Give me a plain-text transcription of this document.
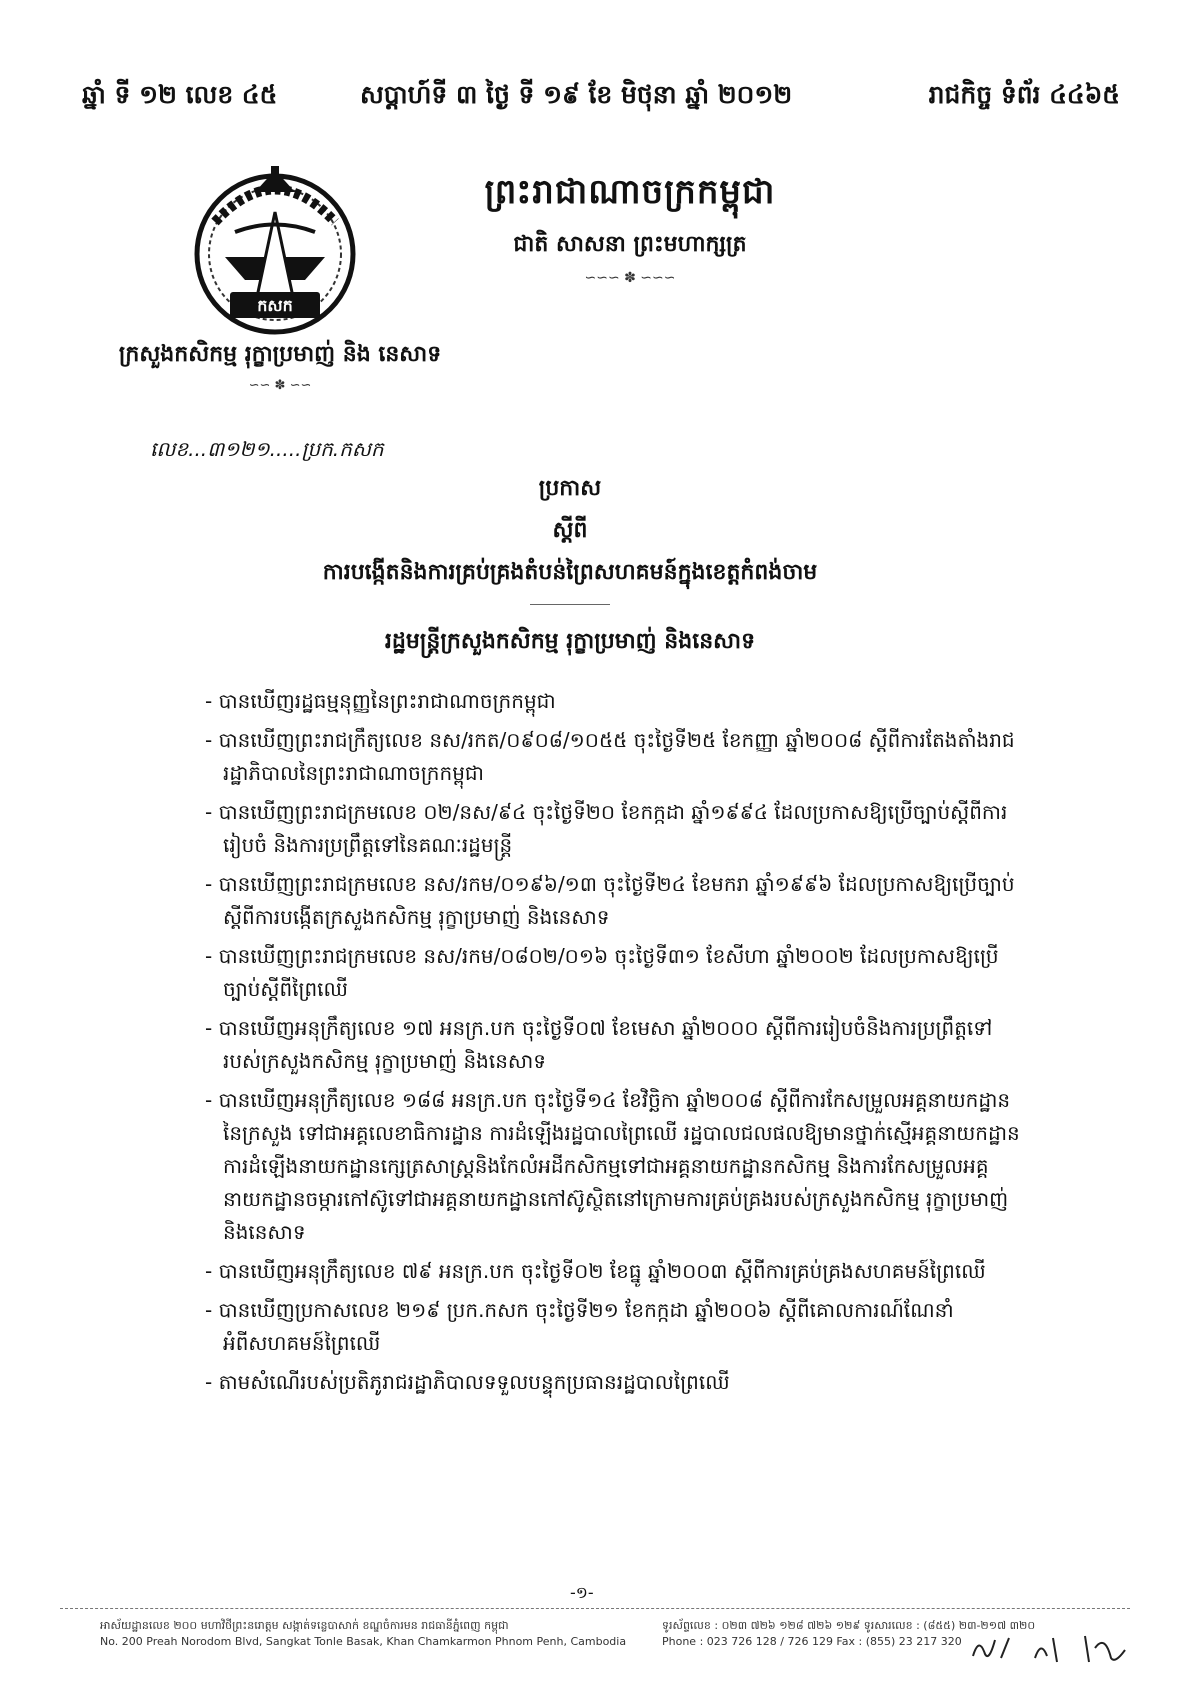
ឆ្នាំ ទី ១២ លេខ ៤៥	សប្តាហ៍ទី ៣ ថ្ងៃ ទី ១៩ ខែ មិថុនា ឆ្នាំ ២០១២	រាជកិច្ច ទំព័រ ៤៤៦៥
កសក
ព្រះរាជាណាចក្រកម្ពុជា
ជាតិ សាសនា ព្រះមហាក្សត្រ
∽∽∽ ✽ ∽∽∽
ក្រសួងកសិកម្ម រុក្ខាប្រមាញ់ និង នេសាទ
∽∽ ✽ ∽∽
លេខ...៣១២១.....ប្រក.កសក
ប្រកាស
ស្តីពី
ការបង្កើតនិងការគ្រប់គ្រងតំបន់ព្រៃសហគមន៍ក្នុងខេត្តកំពង់ចាម
រដ្ឋមន្ត្រីក្រសួងកសិកម្ម រុក្ខាប្រមាញ់ និងនេសាទ
- បានឃើញរដ្ឋធម្មនុញ្ញនៃព្រះរាជាណាចក្រកម្ពុជា
- បានឃើញព្រះរាជក្រឹត្យលេខ នស/រកត/០៩០៨/១០៥៥ ចុះថ្ងៃទី២៥ ខែកញ្ញា ឆ្នាំ២០០៨ ស្តីពីការតែងតាំងរាជរដ្ឋាភិបាលនៃព្រះរាជាណាចក្រកម្ពុជា
- បានឃើញព្រះរាជក្រមលេខ ០២/នស/៩៤ ចុះថ្ងៃទី២០ ខែកក្កដា ឆ្នាំ១៩៩៤ ដែលប្រកាសឱ្យប្រើច្បាប់ស្តីពីការរៀបចំ និងការប្រព្រឹត្តទៅនៃគណៈរដ្ឋមន្ត្រី
- បានឃើញព្រះរាជក្រមលេខ នស/រកម/០១៩៦/១៣ ចុះថ្ងៃទី២៤ ខែមករា ឆ្នាំ១៩៩៦ ដែលប្រកាសឱ្យប្រើច្បាប់ស្តីពីការបង្កើតក្រសួងកសិកម្ម រុក្ខាប្រមាញ់ និងនេសាទ
- បានឃើញព្រះរាជក្រមលេខ នស/រកម/០៨០២/០១៦ ចុះថ្ងៃទី៣១ ខែសីហា ឆ្នាំ២០០២ ដែលប្រកាសឱ្យប្រើច្បាប់ស្តីពីព្រៃឈើ
- បានឃើញអនុក្រឹត្យលេខ ១៧ អនក្រ.បក ចុះថ្ងៃទី០៧ ខែមេសា ឆ្នាំ២០០០ ស្តីពីការរៀបចំនិងការប្រព្រឹត្តទៅរបស់ក្រសួងកសិកម្ម រុក្ខាប្រមាញ់ និងនេសាទ
- បានឃើញអនុក្រឹត្យលេខ ១៨៨ អនក្រ.បក ចុះថ្ងៃទី១៤ ខែវិច្ឆិកា ឆ្នាំ២០០៨ ស្តីពីការកែសម្រួលអគ្គនាយកដ្ឋាននៃក្រសួង ទៅជាអគ្គលេខាធិការដ្ឋាន ការដំឡើងរដ្ឋបាលព្រៃឈើ រដ្ឋបាលជលផលឱ្យមានថ្នាក់ស្មើអគ្គនាយកដ្ឋាន ការដំឡើងនាយកដ្ឋានក្សេត្រសាស្ត្រនិងកែលំអដីកសិកម្មទៅជាអគ្គនាយកដ្ឋានកសិកម្ម និងការកែសម្រួលអគ្គនាយកដ្ឋានចម្ការកៅស៊ូទៅជាអគ្គនាយកដ្ឋានកៅស៊ូស្ថិតនៅក្រោមការគ្រប់គ្រងរបស់ក្រសួងកសិកម្ម រុក្ខាប្រមាញ់ និងនេសាទ
- បានឃើញអនុក្រឹត្យលេខ ៧៩ អនក្រ.បក ចុះថ្ងៃទី០២ ខែធ្នូ ឆ្នាំ២០០៣ ស្តីពីការគ្រប់គ្រងសហគមន៍ព្រៃឈើ
- បានឃើញប្រកាសលេខ ២១៩ ប្រក.កសក ចុះថ្ងៃទី២១ ខែកក្កដា ឆ្នាំ២០០៦ ស្តីពីគោលការណ៍ណែនាំអំពីសហគមន៍ព្រៃឈើ
- តាមសំណើរបស់ប្រតិភូរាជរដ្ឋាភិបាលទទួលបន្ទុកប្រធានរដ្ឋបាលព្រៃឈើ
-១-
អាស័យដ្ឋានលេខ ២០០ មហាវិថីព្រះនរោត្តម សង្កាត់ទន្លេបាសាក់ ខណ្ឌចំការមន រាជធានីភ្នំពេញ កម្ពុជា
No. 200 Preah Norodom Blvd, Sangkat Tonle Basak, Khan Chamkarmon Phnom Penh, Cambodia
ទូរស័ព្ទលេខ : ០២៣ ៧២៦ ១២៨ ៧២៦ ១២៩ ទូរសារលេខ : (៨៥៥) ២៣-២១៧ ៣២០
Phone : 023 726 128 / 726 129 Fax : (855) 23 217 320
